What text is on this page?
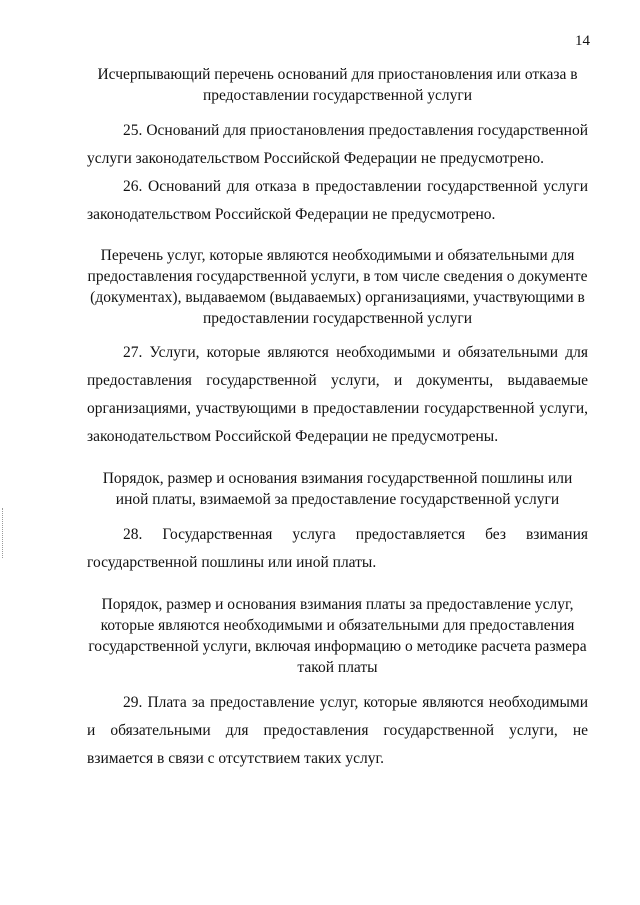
14

Исчерпывающий перечень оснований для приостановления или отказа в предоставлении государственной услуги

25. Оснований для приостановления предоставления государственной услуги законодательством Российской Федерации не предусмотрено.

26. Оснований для отказа в предоставлении государственной услуги законодательством Российской Федерации не предусмотрено.

Перечень услуг, которые являются необходимыми и обязательными для предоставления государственной услуги, в том числе сведения о документе (документах), выдаваемом (выдаваемых) организациями, участвующими в предоставлении государственной услуги

27. Услуги, которые являются необходимыми и обязательными для предоставления государственной услуги, и документы, выдаваемые организациями, участвующими в предоставлении государственной услуги, законодательством Российской Федерации не предусмотрены.

Порядок, размер и основания взимания государственной пошлины или иной платы, взимаемой за предоставление государственной услуги

28. Государственная услуга предоставляется без взимания

государственной пошлины или иной платы.

Порядок, размер и основания взимания платы за предоставление услуг, которые являются необходимыми и обязательными для предоставления государственной услуги, включая информацию о методике расчета размера такой платы

29. Плата за предоставление услуг, которые являются необходимыми и обязательными для предоставления государственной услуги, не взимается в связи с отсутствием таких услуг.
